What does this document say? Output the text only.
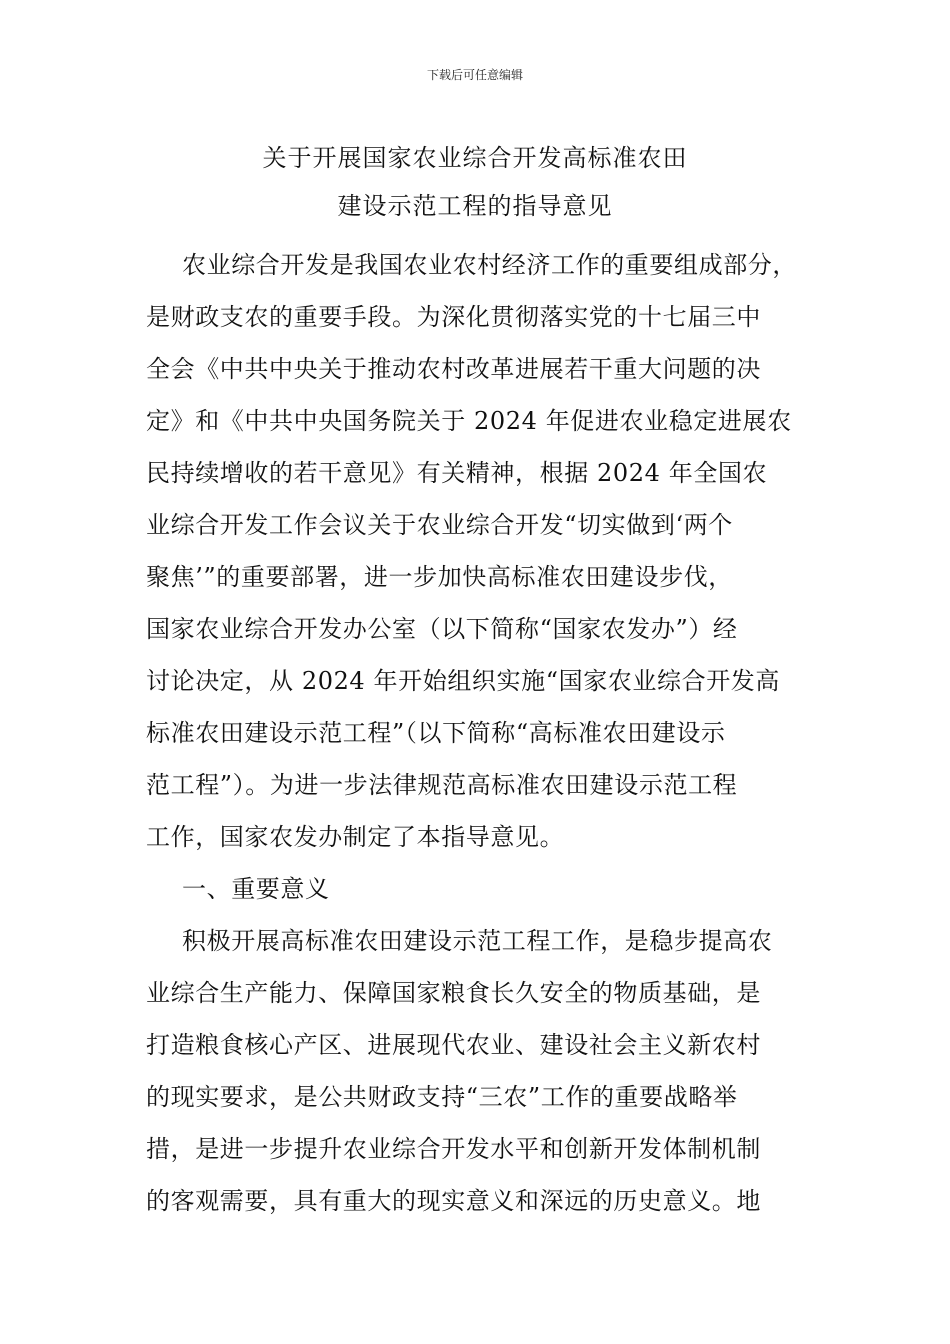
下载后可任意编辑
关于开展国家农业综合开发高标准农田
建设示范工程的指导意见
农业综合开发是我国农业农村经济工作的重要组成部分，
是财政支农的重要手段。为深化贯彻落实党的十七届三中
全会《中共中央关于推动农村改革进展若干重大问题的决
定》和《中共中央国务院关于 2024 年促进农业稳定进展农
民持续增收的若干意见》有关精神，根据 2024 年全国农
业综合开发工作会议关于农业综合开发“切实做到‘两个
聚焦’”的重要部署，进一步加快高标准农田建设步伐，
国家农业综合开发办公室（以下简称“国家农发办”）经
讨论决定，从 2024 年开始组织实施“国家农业综合开发高
标准农田建设示范工程”（以下简称“高标准农田建设示
范工程”）。为进一步法律规范高标准农田建设示范工程
工作，国家农发办制定了本指导意见。
一、重要意义
积极开展高标准农田建设示范工程工作，是稳步提高农
业综合生产能力、保障国家粮食长久安全的物质基础，是
打造粮食核心产区、进展现代农业、建设社会主义新农村
的现实要求，是公共财政支持“三农”工作的重要战略举
措，是进一步提升农业综合开发水平和创新开发体制机制
的客观需要，具有重大的现实意义和深远的历史意义。地
